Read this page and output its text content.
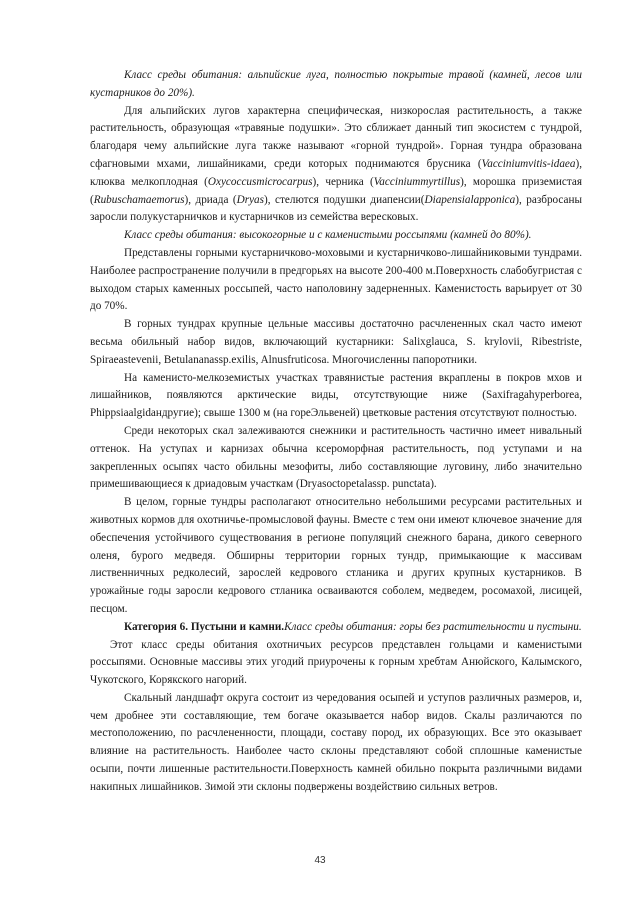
Класс среды обитания: альпийские луга, полностью покрытые травой (камней, лесов или кустарников до 20%).

Для альпийских лугов характерна специфическая, низкорослая растительность, а также растительность, образующая «травяные подушки». Это сближает данный тип экосистем с тундрой, благодаря чему альпийские луга также называют «горной тундрой». Горная тундра образована сфагновыми мхами, лишайниками, среди которых поднимаются брусника (Vacciniumvitis-idaea), клюква мелкоплодная (Oxycoccusmicrocarpus), черника (Vacciniummyrtillus), морошка приземистая (Rubuschamaemorus), дриада (Dryas), стелются подушки диапенсии(Diapensialapponica), разбросаны заросли полукустарничков и кустарничков из семейства вересковых.

Класс среды обитания: высокогорные и с каменистыми россыпями (камней до 80%).

Представлены горными кустарничково-моховыми и кустарничково-лишайниковыми тундрами. Наиболее распространение получили в предгорьях на высоте 200-400 м.Поверхность слабобугристая с выходом старых каменных россыпей, часто наполовину задерненных. Каменистость варьирует от 30 до 70%.

В горных тундрах крупные цельные массивы достаточно расчлененных скал часто имеют весьма обильный набор видов, включающий кустарники: Salixglauca, S. krylovii, Ribestriste, Spiraeastevenii, Betulananassp.exilis, Alnusfruticosa. Многочисленны папоротники.

На каменисто-мелкоземистых участках травянистые растения вкраплены в покров мхов и лишайников, появляются арктические виды, отсутствующие ниже (Saxifragahyperborea, Phippsiaalgidaндругие); свыше 1300 м (на гореЭльвеней) цветковые растения отсутствуют полностью.

Среди некоторых скал залеживаются снежники и растительность частично имеет нивальный оттенок. На уступах и карнизах обычна ксероморфная растительность, под уступами и на закрепленных осыпях часто обильны мезофиты, либо составляющие луговину, либо значительно примешивающиеся к дриадовым участкам (Dryasoctopetalassp. punctata).

В целом, горные тундры располагают относительно небольшими ресурсами растительных и животных кормов для охотничье-промысловой фауны. Вместе с тем они имеют ключевое значение для обеспечения устойчивого существования в регионе популяций снежного барана, дикого северного оленя, бурого медведя. Обширны территории горных тундр, примыкающие к массивам лиственничных редколесий, зарослей кедрового стланика и других крупных кустарников. В урожайные годы заросли кедрового стланика осваиваются соболем, медведем, росомахой, лисицей, песцом.

Категория 6. Пустыни и камни.Класс среды обитания: горы без растительности и пустыни.

Этот класс среды обитания охотничьих ресурсов представлен гольцами и каменистыми россыпями. Основные массивы этих угодий приурочены к горным хребтам Анюйского, Калымского, Чукотского, Корякского нагорий.

Скальный ландшафт округа состоит из чередования осыпей и уступов различных размеров, и, чем дробнее эти составляющие, тем богаче оказывается набор видов. Скалы различаются по местоположению, по расчлененности, площади, составу пород, их образующих. Все это оказывает влияние на растительность. Наиболее часто склоны представляют собой сплошные каменистые осыпи, почти лишенные растительности.Поверхность камней обильно покрыта различными видами накипных лишайников. Зимой эти склоны подвержены воздействию сильных ветров.

43
